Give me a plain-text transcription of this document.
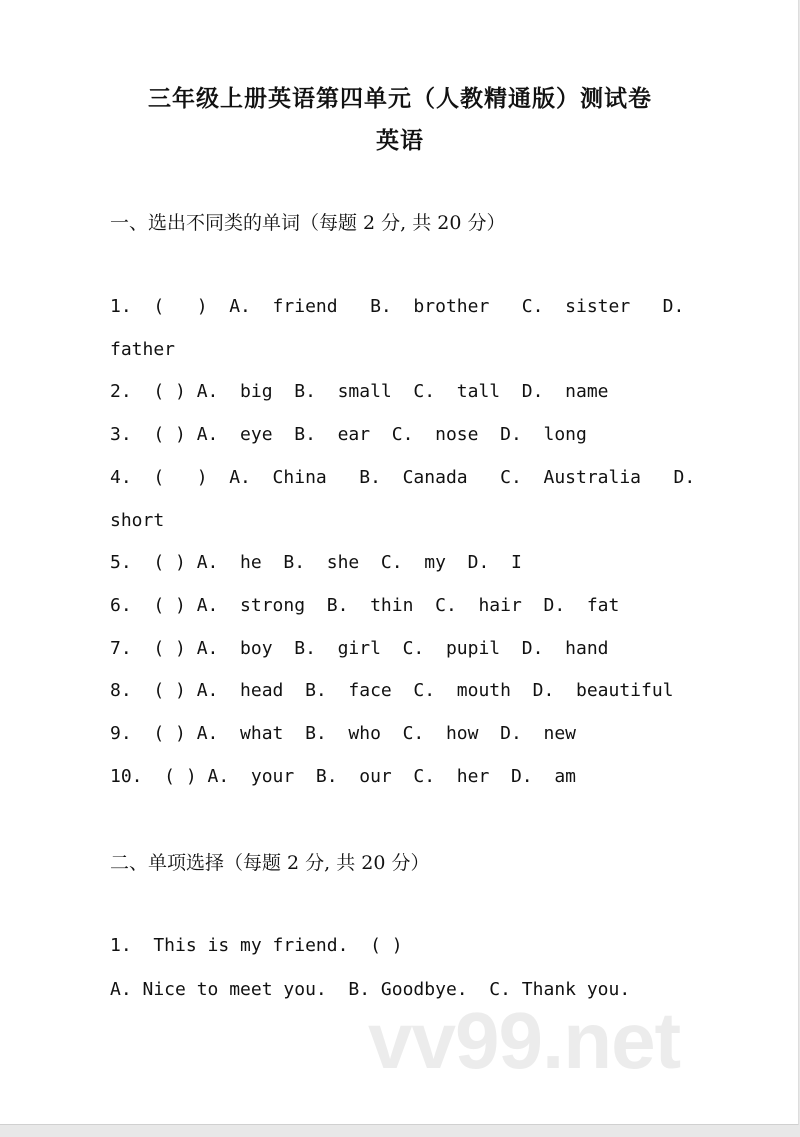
三年级上册英语第四单元（人教精通版）测试卷
英语
一、选出不同类的单词（每题 2 分, 共 20 分）
1.  (   )  A.  friend   B.  brother   C.  sister   D.
father
2.  ( ) A.  big  B.  small  C.  tall  D.  name
3.  ( ) A.  eye  B.  ear  C.  nose  D.  long
4.  (   )  A.  China   B.  Canada   C.  Australia   D.
short
5.  ( ) A.  he  B.  she  C.  my  D.  I
6.  ( ) A.  strong  B.  thin  C.  hair  D.  fat
7.  ( ) A.  boy  B.  girl  C.  pupil  D.  hand
8.  ( ) A.  head  B.  face  C.  mouth  D.  beautiful
9.  ( ) A.  what  B.  who  C.  how  D.  new
10.  ( ) A.  your  B.  our  C.  her  D.  am
二、单项选择（每题 2 分, 共 20 分）
1.  This is my friend.  ( )
A. Nice to meet you.  B. Goodbye.  C. Thank you.
vv99.net
